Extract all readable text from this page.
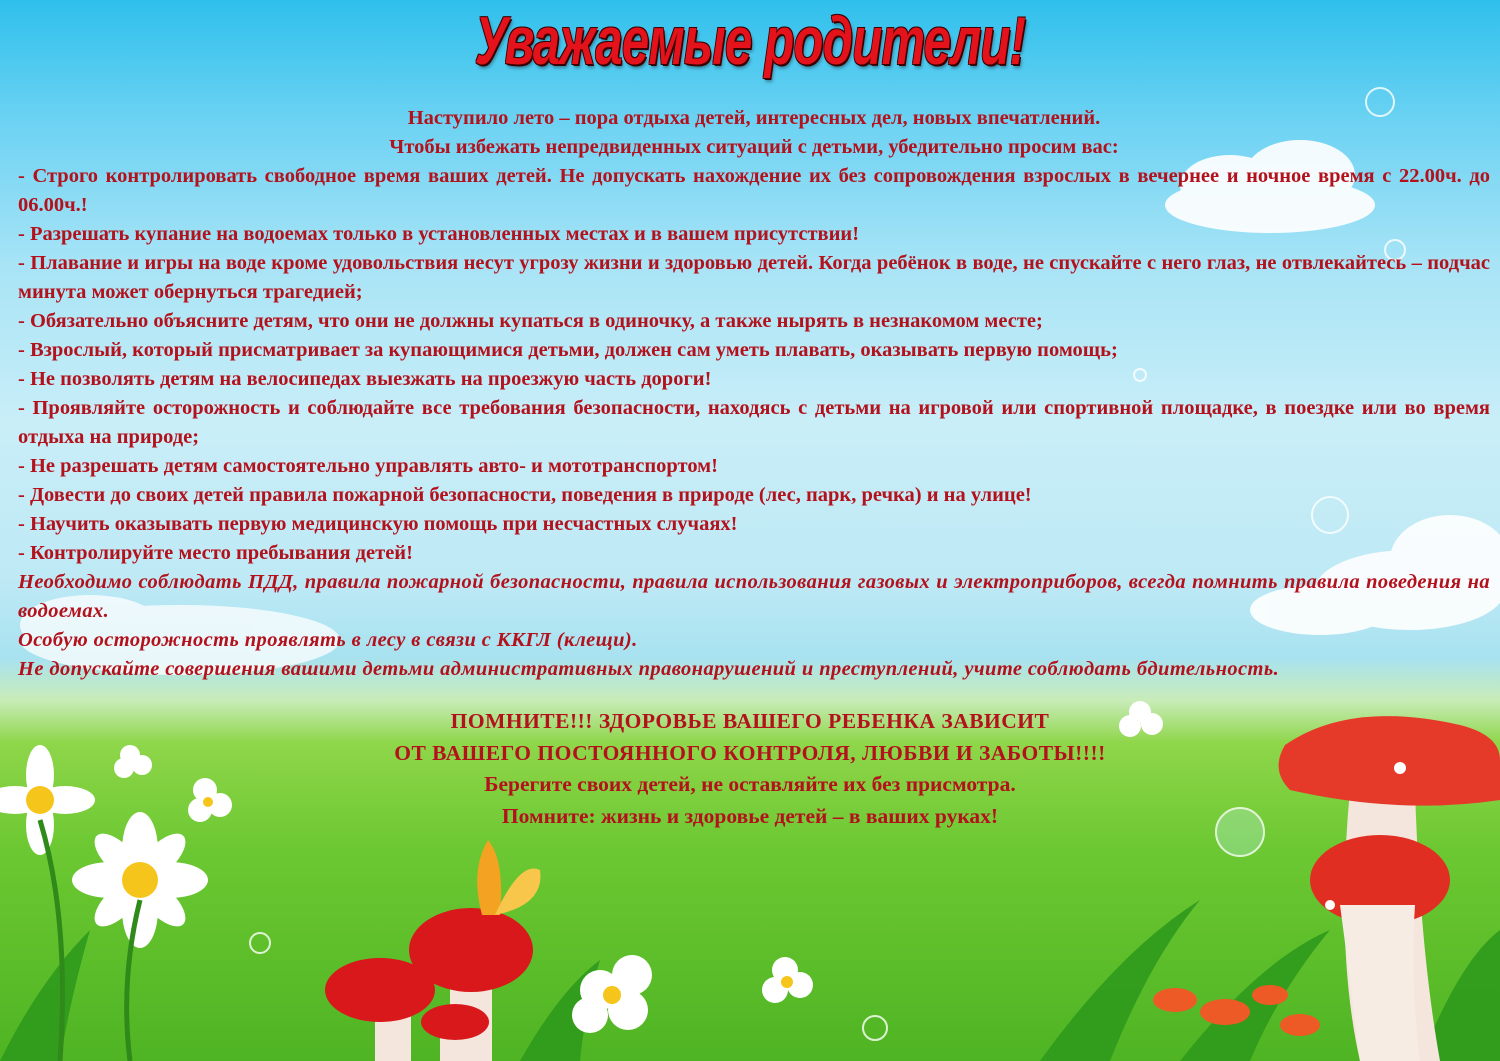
Уважаемые родители!

Наступило лето – пора отдыха детей, интересных дел, новых впечатлений.

Чтобы избежать непредвиденных ситуаций с детьми, убедительно просим вас:

- Строго контролировать свободное время ваших детей. Не допускать нахождение их без сопровождения взрослых в вечернее и ночное время с 22.00ч. до 06.00ч.!

- Разрешать купание на водоемах только в установленных местах и в вашем присутствии!

- Плавание и игры на воде кроме удовольствия несут угрозу жизни и здоровью детей. Когда ребёнок в воде, не спускайте с него глаз, не отвлекайтесь – подчас минута может обернуться трагедией;

- Обязательно объясните детям, что они не должны купаться в одиночку, а также нырять в незнакомом месте;

- Взрослый, который присматривает за купающимися детьми, должен сам уметь плавать, оказывать первую помощь;

- Не позволять детям на велосипедах выезжать на проезжую часть дороги!

- Проявляйте осторожность и соблюдайте все требования безопасности, находясь с детьми на игровой или спортивной площадке, в поездке или во время отдыха на природе;

- Не разрешать детям самостоятельно управлять авто- и мототранспортом!

- Довести до своих детей правила пожарной безопасности, поведения в природе (лес, парк, речка) и на улице!

- Научить оказывать первую медицинскую помощь при несчастных случаях!

- Контролируйте место пребывания детей!

Необходимо соблюдать ПДД, правила пожарной безопасности, правила использования газовых и электроприборов, всегда помнить правила поведения на водоемах.

Особую осторожность проявлять в лесу в связи с ККГЛ (клещи).

Не допускайте совершения вашими детьми административных правонарушений и преступлений, учите соблюдать бдительность.

ПОМНИТЕ!!! ЗДОРОВЬЕ ВАШЕГО РЕБЕНКА ЗАВИСИТ

ОТ ВАШЕГО ПОСТОЯННОГО КОНТРОЛЯ, ЛЮБВИ И ЗАБОТЫ!!!!

Берегите своих детей, не оставляйте их без присмотра.

Помните: жизнь и здоровье детей – в ваших руках!
